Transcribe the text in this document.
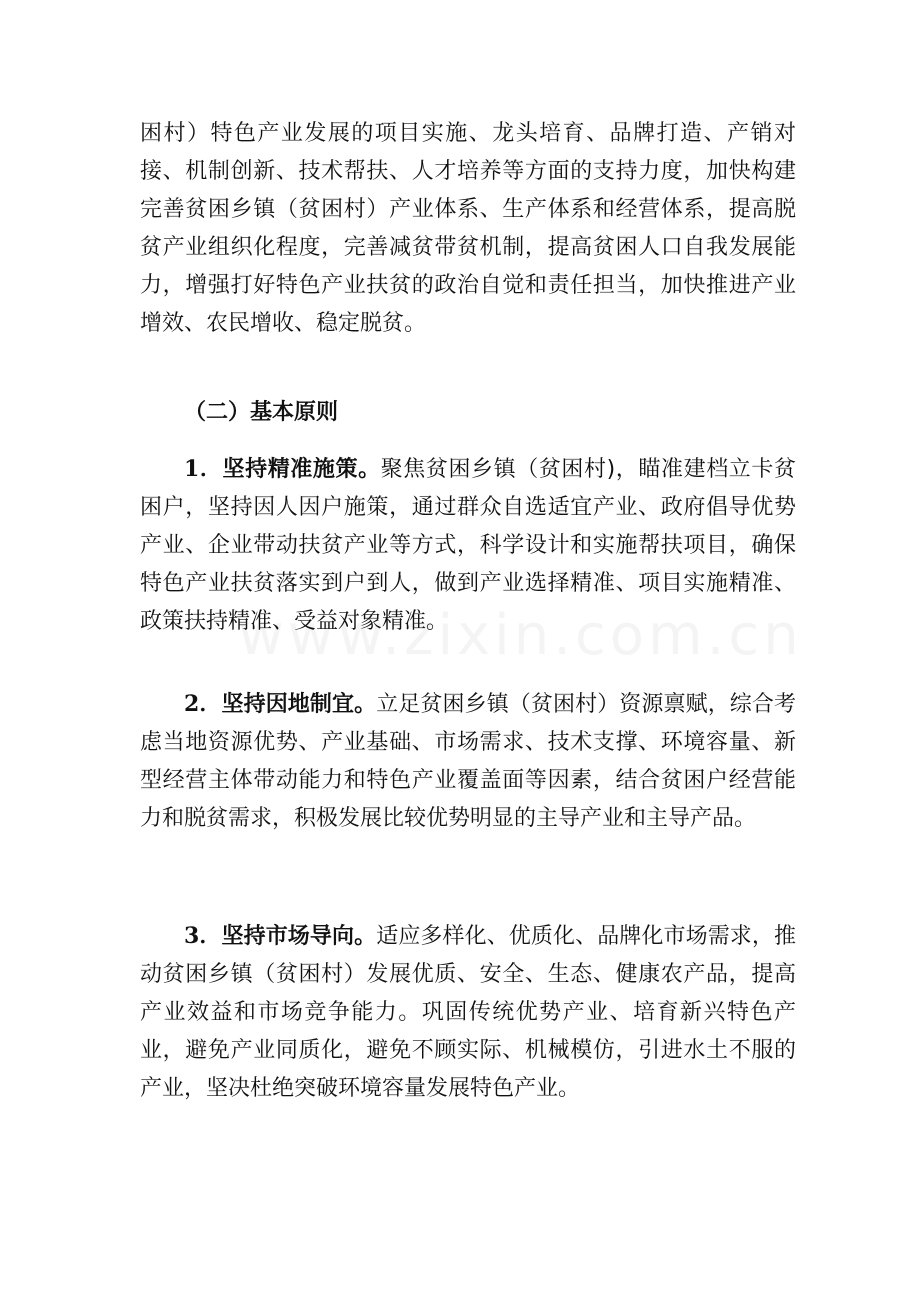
困村）特色产业发展的项目实施、龙头培育、品牌打造、产销对接、机制创新、技术帮扶、人才培养等方面的支持力度，加快构建完善贫困乡镇（贫困村）产业体系、生产体系和经营体系，提高脱贫产业组织化程度，完善减贫带贫机制，提高贫困人口自我发展能力，增强打好特色产业扶贫的政治自觉和责任担当，加快推进产业增效、农民增收、稳定脱贫。

（二）基本原则

1．坚持精准施策。聚焦贫困乡镇（贫困村)，瞄准建档立卡贫困户，坚持因人因户施策，通过群众自选适宜产业、政府倡导优势产业、企业带动扶贫产业等方式，科学设计和实施帮扶项目，确保特色产业扶贫落实到户到人，做到产业选择精准、项目实施精准、政策扶持精准、受益对象精准。

2．坚持因地制宜。立足贫困乡镇（贫困村）资源禀赋，综合考虑当地资源优势、产业基础、市场需求、技术支撑、环境容量、新型经营主体带动能力和特色产业覆盖面等因素，结合贫困户经营能力和脱贫需求，积极发展比较优势明显的主导产业和主导产品。

3．坚持市场导向。适应多样化、优质化、品牌化市场需求，推动贫困乡镇（贫困村）发展优质、安全、生态、健康农产品，提高产业效益和市场竞争能力。巩固传统优势产业、培育新兴特色产业，避免产业同质化，避免不顾实际、机械模仿，引进水土不服的产业，坚决杜绝突破环境容量发展特色产业。
